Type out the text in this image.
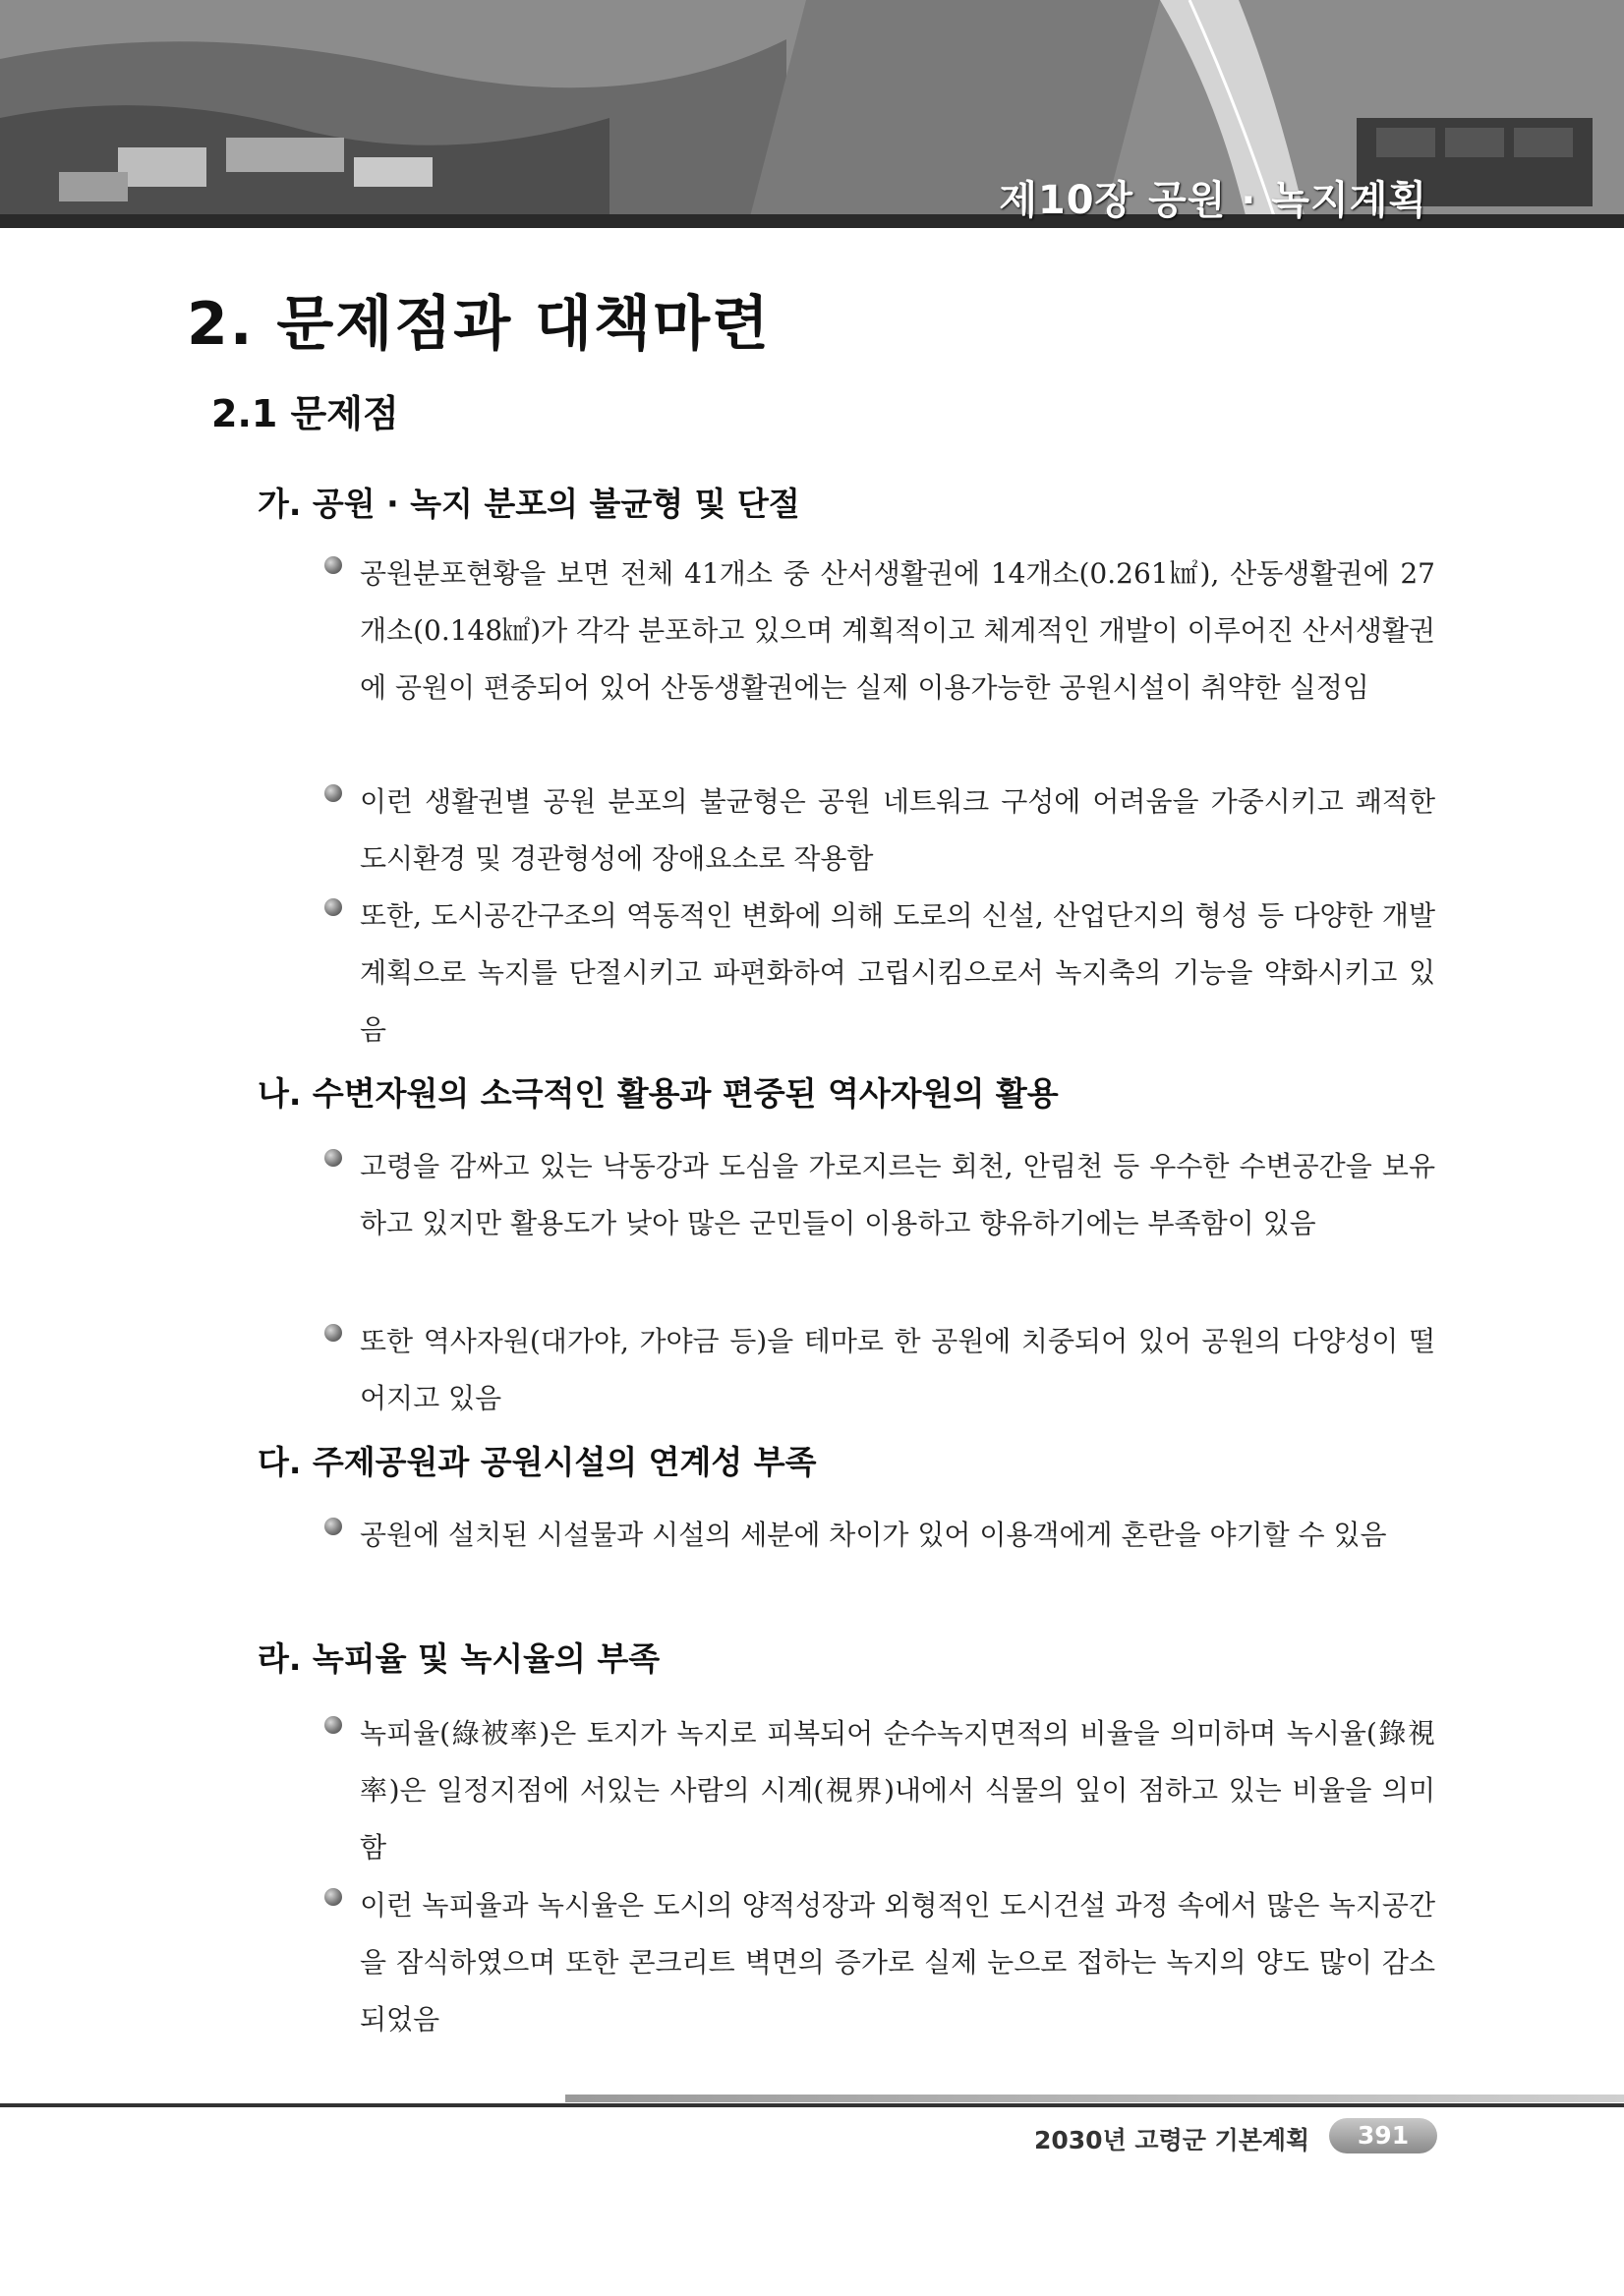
제10장 공원 · 녹지계획
2. 문제점과 대책마련
2.1 문제점
가. 공원 · 녹지 분포의 불균형 및 단절

공원분포현황을 보면 전체 41개소 중 산서생활권에 14개소(0.261㎢), 산동생활권에 27개소(0.148㎢)가 각각 분포하고 있으며 계획적이고 체계적인 개발이 이루어진 산서생활권에 공원이 편중되어 있어 산동생활권에는 실제 이용가능한 공원시설이 취약한 실정임

이런 생활권별 공원 분포의 불균형은 공원 네트워크 구성에 어려움을 가중시키고 쾌적한 도시환경 및 경관형성에 장애요소로 작용함

또한, 도시공간구조의 역동적인 변화에 의해 도로의 신설, 산업단지의 형성 등 다양한 개발계획으로 녹지를 단절시키고 파편화하여 고립시킴으로서 녹지축의 기능을 약화시키고 있음

나. 수변자원의 소극적인 활용과 편중된 역사자원의 활용

고령을 감싸고 있는 낙동강과 도심을 가로지르는 회천, 안림천 등 우수한 수변공간을 보유하고 있지만 활용도가 낮아 많은 군민들이 이용하고 향유하기에는 부족함이 있음

또한 역사자원(대가야, 가야금 등)을 테마로 한 공원에 치중되어 있어 공원의 다양성이 떨어지고 있음

다. 주제공원과 공원시설의 연계성 부족

공원에 설치된 시설물과 시설의 세분에 차이가 있어 이용객에게 혼란을 야기할 수 있음

라. 녹피율 및 녹시율의 부족

녹피율(綠被率)은 토지가 녹지로 피복되어 순수녹지면적의 비율을 의미하며 녹시율(錄視率)은 일정지점에 서있는 사람의 시계(視界)내에서 식물의 잎이 점하고 있는 비율을 의미함

이런 녹피율과 녹시율은 도시의 양적성장과 외형적인 도시건설 과정 속에서 많은 녹지공간을 잠식하였으며 또한 콘크리트 벽면의 증가로 실제 눈으로 접하는 녹지의 양도 많이 감소되었음

2030년 고령군 기본계획	391
